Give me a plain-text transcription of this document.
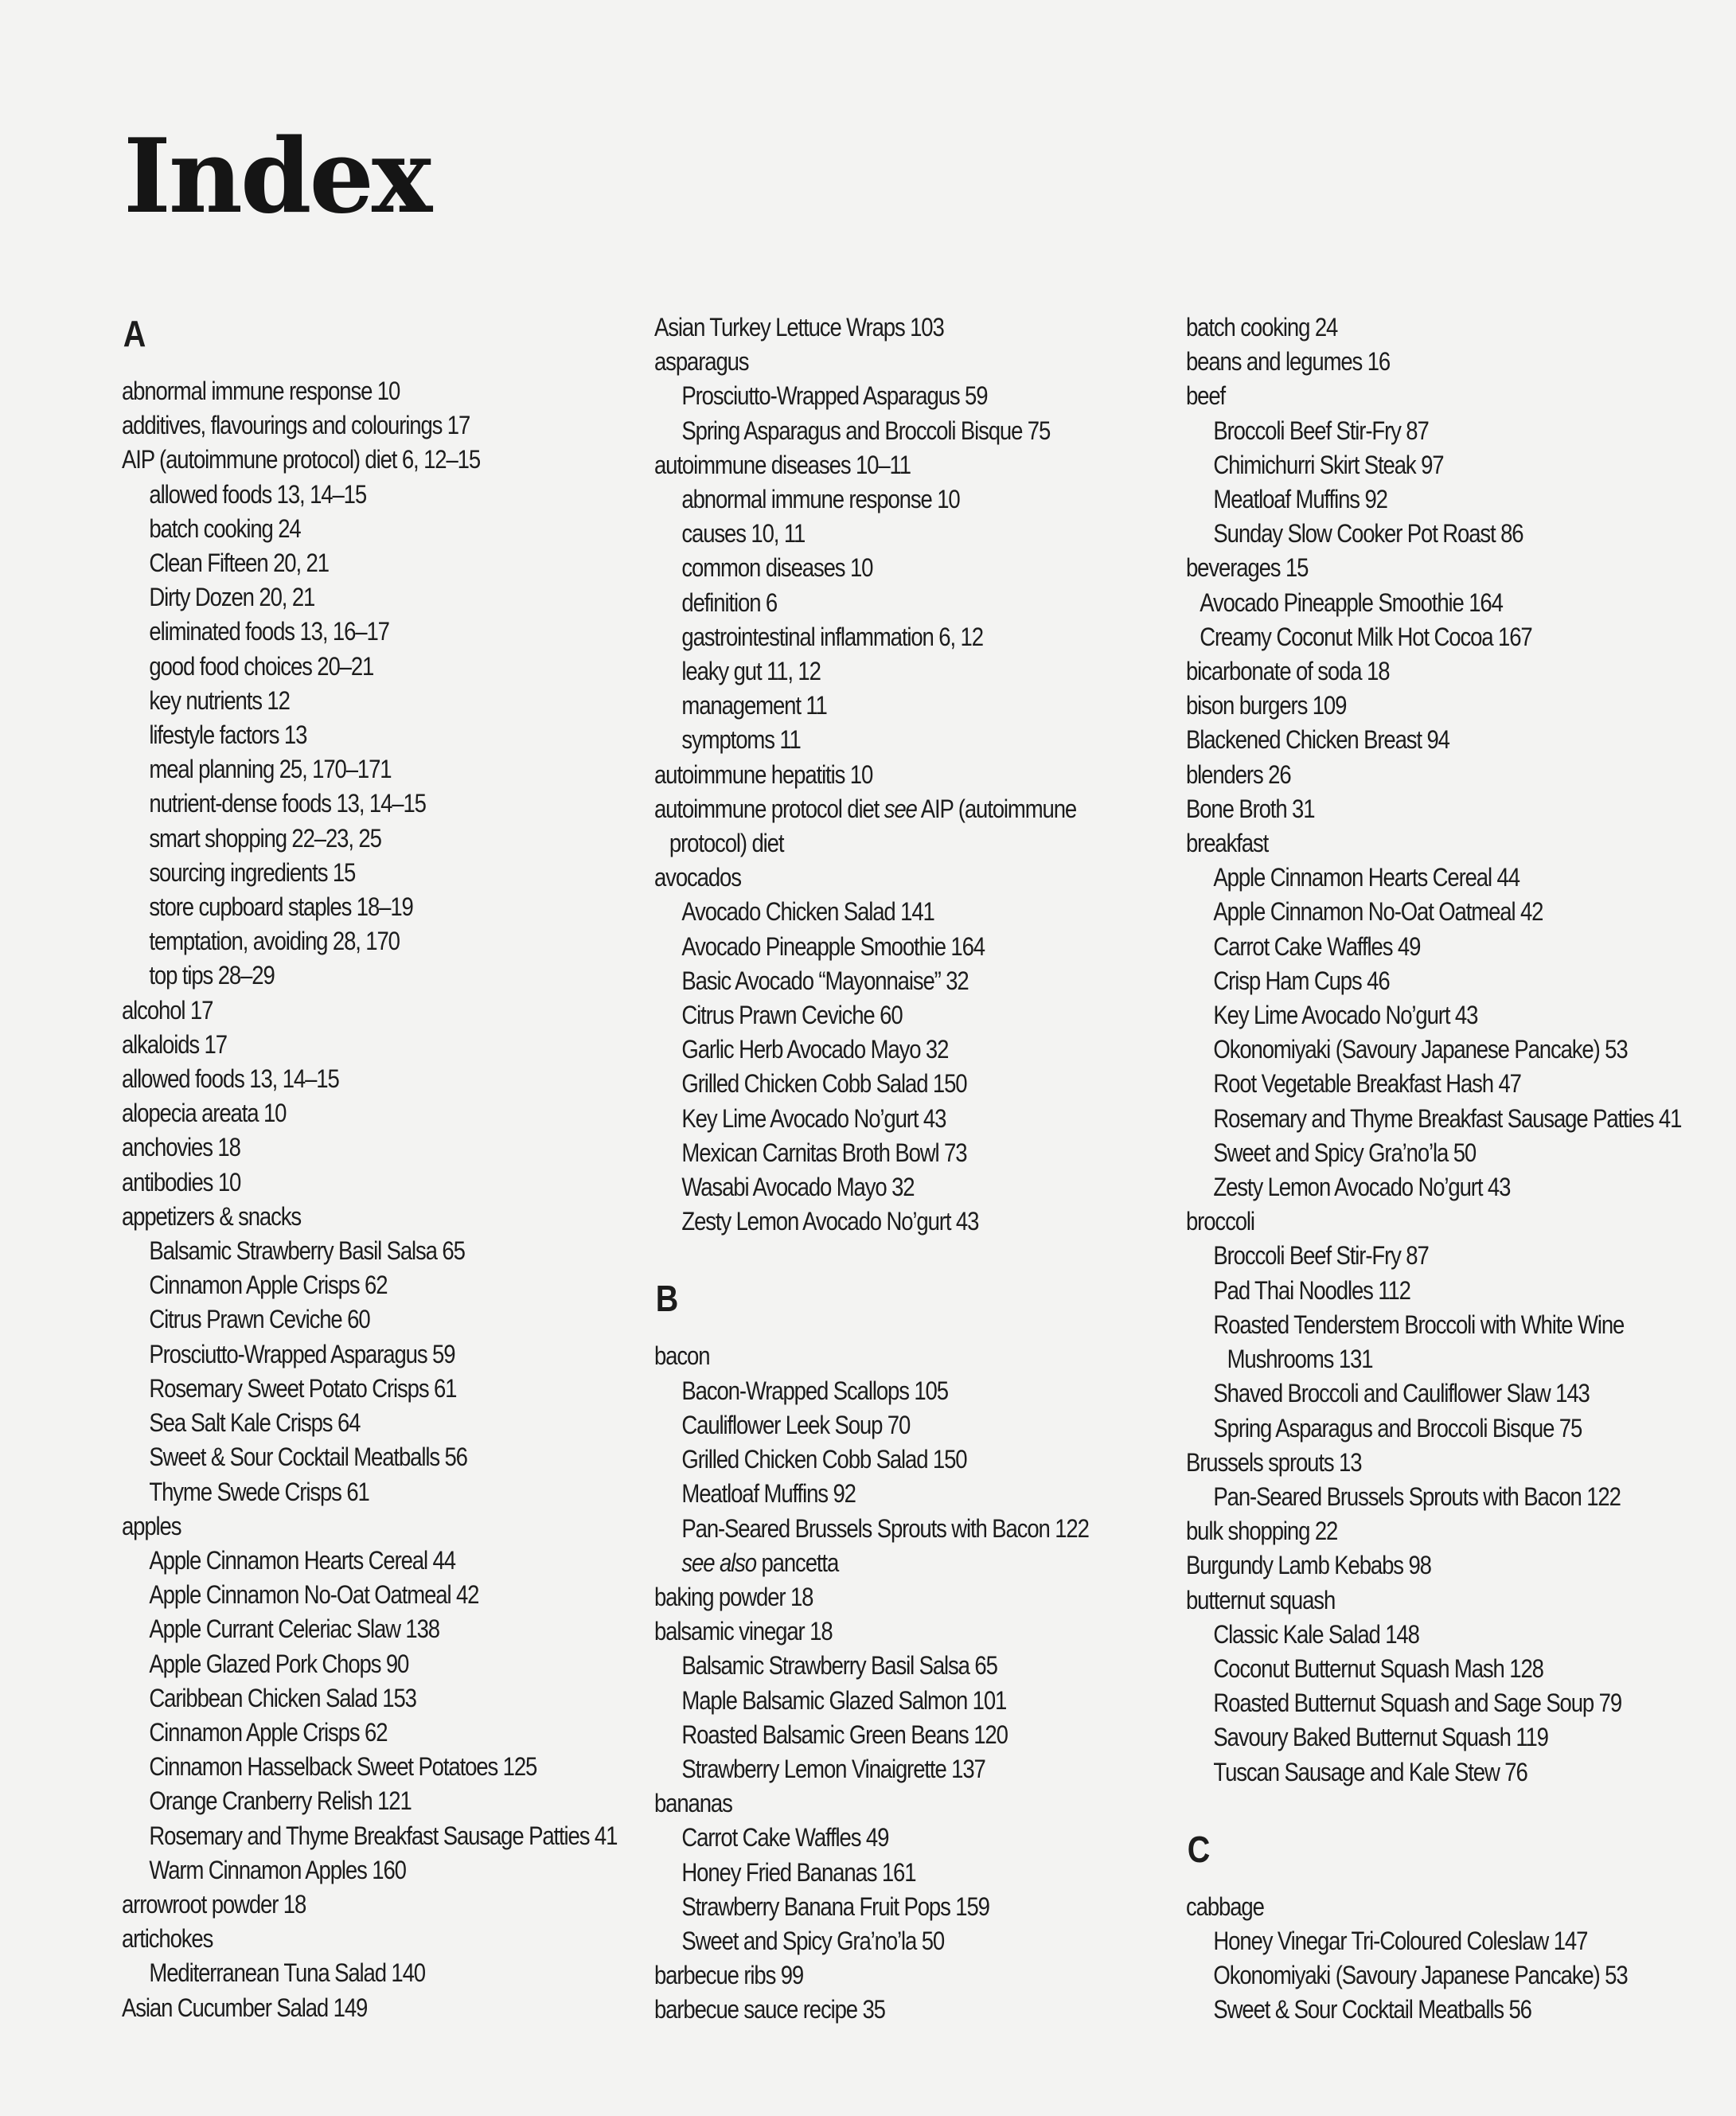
Index
A
abnormal immune response 10
additives, flavourings and colourings 17
AIP (autoimmune protocol) diet 6, 12–15
allowed foods 13, 14–15
batch cooking 24
Clean Fifteen 20, 21
Dirty Dozen 20, 21
eliminated foods 13, 16–17
good food choices 20–21
key nutrients 12
lifestyle factors 13
meal planning 25, 170–171
nutrient-dense foods 13, 14–15
smart shopping 22–23, 25
sourcing ingredients 15
store cupboard staples 18–19
temptation, avoiding 28, 170
top tips 28–29
alcohol 17
alkaloids 17
allowed foods 13, 14–15
alopecia areata 10
anchovies 18
antibodies 10
appetizers & snacks
Balsamic Strawberry Basil Salsa 65
Cinnamon Apple Crisps 62
Citrus Prawn Ceviche 60
Prosciutto-Wrapped Asparagus 59
Rosemary Sweet Potato Crisps 61
Sea Salt Kale Crisps 64
Sweet & Sour Cocktail Meatballs 56
Thyme Swede Crisps 61
apples
Apple Cinnamon Hearts Cereal 44
Apple Cinnamon No-Oat Oatmeal 42
Apple Currant Celeriac Slaw 138
Apple Glazed Pork Chops 90
Caribbean Chicken Salad 153
Cinnamon Apple Crisps 62
Cinnamon Hasselback Sweet Potatoes 125
Orange Cranberry Relish 121
Rosemary and Thyme Breakfast Sausage Patties 41
Warm Cinnamon Apples 160
arrowroot powder 18
artichokes
Mediterranean Tuna Salad 140
Asian Cucumber Salad 149
Asian Turkey Lettuce Wraps 103
asparagus
Prosciutto-Wrapped Asparagus 59
Spring Asparagus and Broccoli Bisque 75
autoimmune diseases 10–11
abnormal immune response 10
causes 10, 11
common diseases 10
definition 6
gastrointestinal inflammation 6, 12
leaky gut 11, 12
management 11
symptoms 11
autoimmune hepatitis 10
autoimmune protocol diet see AIP (autoimmune
protocol) diet
avocados
Avocado Chicken Salad 141
Avocado Pineapple Smoothie 164
Basic Avocado “Mayonnaise” 32
Citrus Prawn Ceviche 60
Garlic Herb Avocado Mayo 32
Grilled Chicken Cobb Salad 150
Key Lime Avocado No’gurt 43
Mexican Carnitas Broth Bowl 73
Wasabi Avocado Mayo 32
Zesty Lemon Avocado No’gurt 43
B
bacon
Bacon-Wrapped Scallops 105
Cauliflower Leek Soup 70
Grilled Chicken Cobb Salad 150
Meatloaf Muffins 92
Pan-Seared Brussels Sprouts with Bacon 122
see also pancetta
baking powder 18
balsamic vinegar 18
Balsamic Strawberry Basil Salsa 65
Maple Balsamic Glazed Salmon 101
Roasted Balsamic Green Beans 120
Strawberry Lemon Vinaigrette 137
bananas
Carrot Cake Waffles 49
Honey Fried Bananas 161
Strawberry Banana Fruit Pops 159
Sweet and Spicy Gra’no’la 50
barbecue ribs 99
barbecue sauce recipe 35
batch cooking 24
beans and legumes 16
beef
Broccoli Beef Stir-Fry 87
Chimichurri Skirt Steak 97
Meatloaf Muffins 92
Sunday Slow Cooker Pot Roast 86
beverages 15
Avocado Pineapple Smoothie 164
Creamy Coconut Milk Hot Cocoa 167
bicarbonate of soda 18
bison burgers 109
Blackened Chicken Breast 94
blenders 26
Bone Broth 31
breakfast
Apple Cinnamon Hearts Cereal 44
Apple Cinnamon No-Oat Oatmeal 42
Carrot Cake Waffles 49
Crisp Ham Cups 46
Key Lime Avocado No’gurt 43
Okonomiyaki (Savoury Japanese Pancake) 53
Root Vegetable Breakfast Hash 47
Rosemary and Thyme Breakfast Sausage Patties 41
Sweet and Spicy Gra’no’la 50
Zesty Lemon Avocado No’gurt 43
broccoli
Broccoli Beef Stir-Fry 87
Pad Thai Noodles 112
Roasted Tenderstem Broccoli with White Wine
Mushrooms 131
Shaved Broccoli and Cauliflower Slaw 143
Spring Asparagus and Broccoli Bisque 75
Brussels sprouts 13
Pan-Seared Brussels Sprouts with Bacon 122
bulk shopping 22
Burgundy Lamb Kebabs 98
butternut squash
Classic Kale Salad 148
Coconut Butternut Squash Mash 128
Roasted Butternut Squash and Sage Soup 79
Savoury Baked Butternut Squash 119
Tuscan Sausage and Kale Stew 76
C
cabbage
Honey Vinegar Tri-Coloured Coleslaw 147
Okonomiyaki (Savoury Japanese Pancake) 53
Sweet & Sour Cocktail Meatballs 56
